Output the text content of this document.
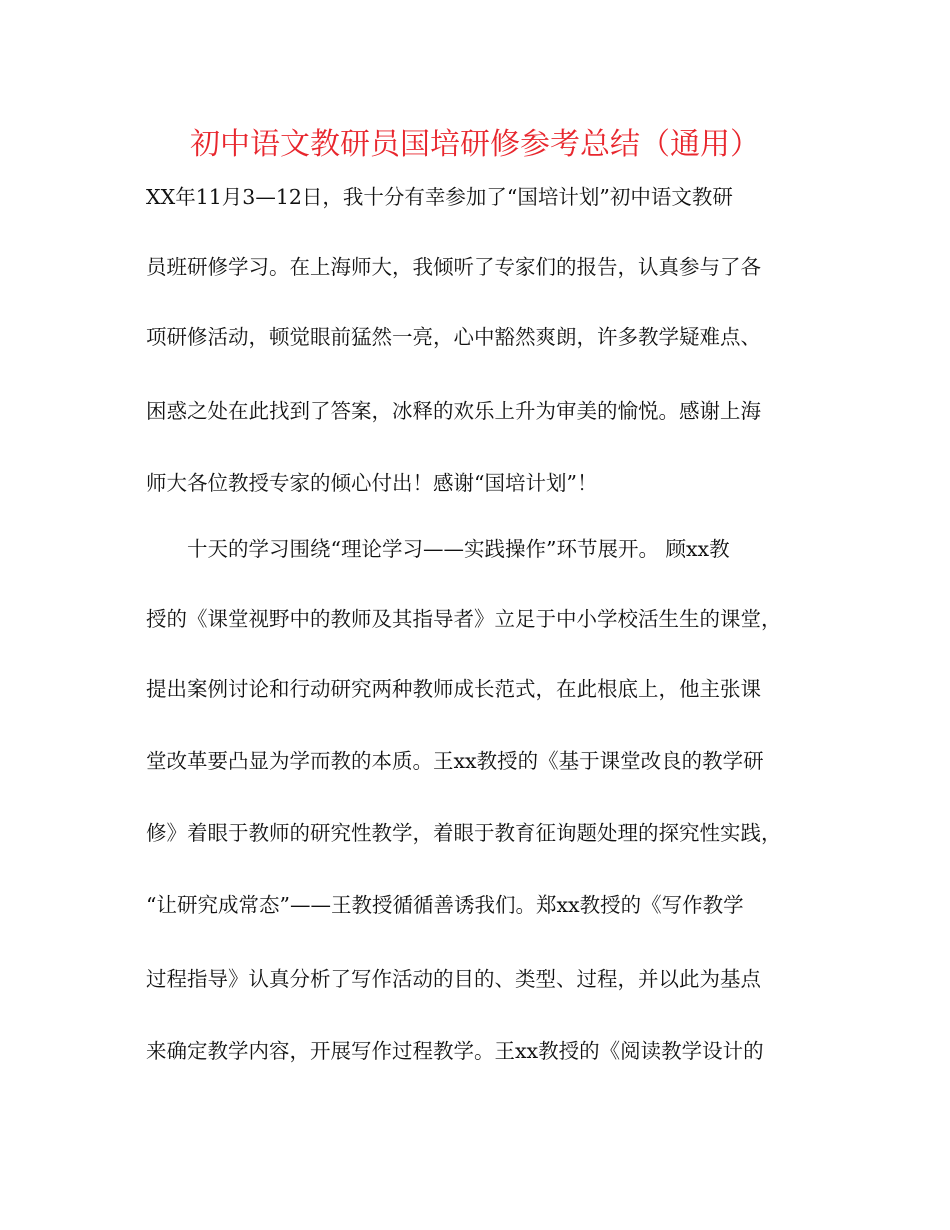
初中语文教研员国培研修参考总结（通用）

XX年11月3—12日，我十分有幸参加了“国培计划”初中语文教研

员班研修学习。在上海师大，我倾听了专家们的报告，认真参与了各

项研修活动，顿觉眼前猛然一亮，心中豁然爽朗，许多教学疑难点、

困惑之处在此找到了答案，冰释的欢乐上升为审美的愉悦。感谢上海

师大各位教授专家的倾心付出！感谢“国培计划”！

十天的学习围绕“理论学习——实践操作”环节展开。 顾xx教

授的《课堂视野中的教师及其指导者》立足于中小学校活生生的课堂，

提出案例讨论和行动研究两种教师成长范式，在此根底上，他主张课

堂改革要凸显为学而教的本质。王xx教授的《基于课堂改良的教学研

修》着眼于教师的研究性教学，着眼于教育征询题处理的探究性实践，

“让研究成常态”——王教授循循善诱我们。郑xx教授的《写作教学

过程指导》认真分析了写作活动的目的、类型、过程，并以此为基点

来确定教学内容，开展写作过程教学。王xx教授的《阅读教学设计的
